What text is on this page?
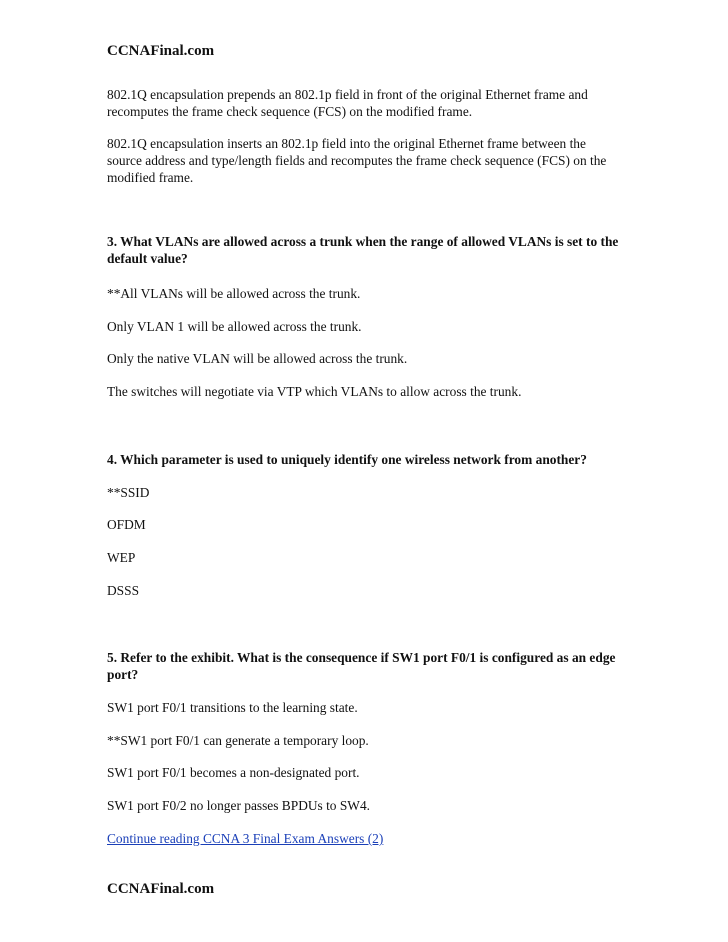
CCNAFinal.com

802.1Q encapsulation prepends an 802.1p field in front of the original Ethernet frame and recomputes the frame check sequence (FCS) on the modified frame.

802.1Q encapsulation inserts an 802.1p field into the original Ethernet frame between the source address and type/length fields and recomputes the frame check sequence (FCS) on the modified frame.

3. What VLANs are allowed across a trunk when the range of allowed VLANs is set to the default value?

**All VLANs will be allowed across the trunk.

Only VLAN 1 will be allowed across the trunk.

Only the native VLAN will be allowed across the trunk.

The switches will negotiate via VTP which VLANs to allow across the trunk.

4. Which parameter is used to uniquely identify one wireless network from another?

**SSID

OFDM

WEP

DSSS

5. Refer to the exhibit. What is the consequence if SW1 port F0/1 is configured as an edge port?

SW1 port F0/1 transitions to the learning state.

**SW1 port F0/1 can generate a temporary loop.

SW1 port F0/1 becomes a non-designated port.

SW1 port F0/2 no longer passes BPDUs to SW4.

Continue reading CCNA 3 Final Exam Answers (2)

CCNAFinal.com
